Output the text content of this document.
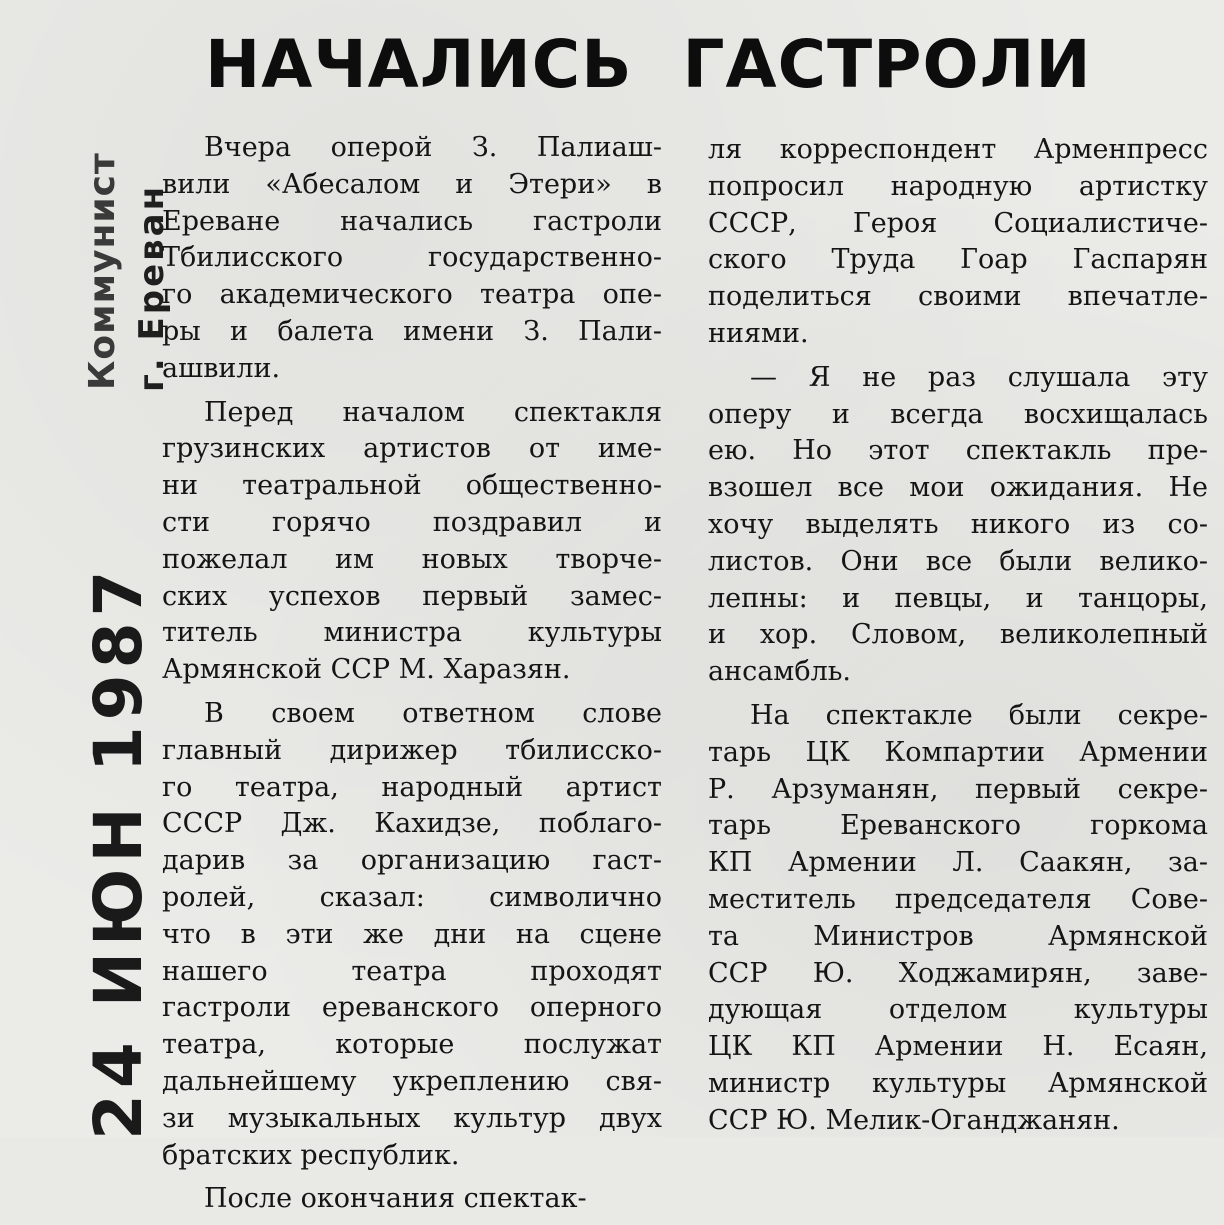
НАЧАЛИСЬ ГАСТРОЛИ
Коммунист г. Ереван
24 ИЮН 1987
Вчера оперой З. Палиаш-
вили «Абесалом и Этери» в
Ереване начались гастроли
Тбилисского государственно-
го академического театра опе-
ры и балета имени З. Пали-
ашвили.
Перед началом спектакля
грузинских артистов от име-
ни театральной общественно-
сти горячо поздравил и
пожелал им новых творче-
ских успехов первый замес-
титель министра культуры
Армянской ССР М. Харазян.
В своем ответном слове
главный дирижер тбилисско-
го театра, народный артист
СССР Дж. Кахидзе, поблаго-
дарив за организацию гаст-
ролей, сказал: символично
что в эти же дни на сцене
нашего театра проходят
гастроли ереванского оперного
театра, которые послужат
дальнейшему укреплению свя-
зи музыкальных культур двух
братских республик.
После окончания спектак-
ля корреспондент Арменпресс
попросил народную артистку
СССР, Героя Социалистиче-
ского Труда Гоар Гаспарян
поделиться своими впечатле-
ниями.
— Я не раз слушала эту
оперу и всегда восхищалась
ею. Но этот спектакль пре-
взошел все мои ожидания. Не
хочу выделять никого из со-
листов. Они все были велико-
лепны: и певцы, и танцоры,
и хор. Словом, великолепный
ансамбль.
На спектакле были секре-
тарь ЦК Компартии Армении
Р. Арзуманян, первый секре-
тарь Ереванского горкома
КП Армении Л. Саакян, за-
меститель председателя Сове-
та Министров Армянской
ССР Ю. Ходжамирян, заве-
дующая отделом культуры
ЦК КП Армении Н. Есаян,
министр культуры Армянской
ССР Ю. Мелик-Оганджанян.
